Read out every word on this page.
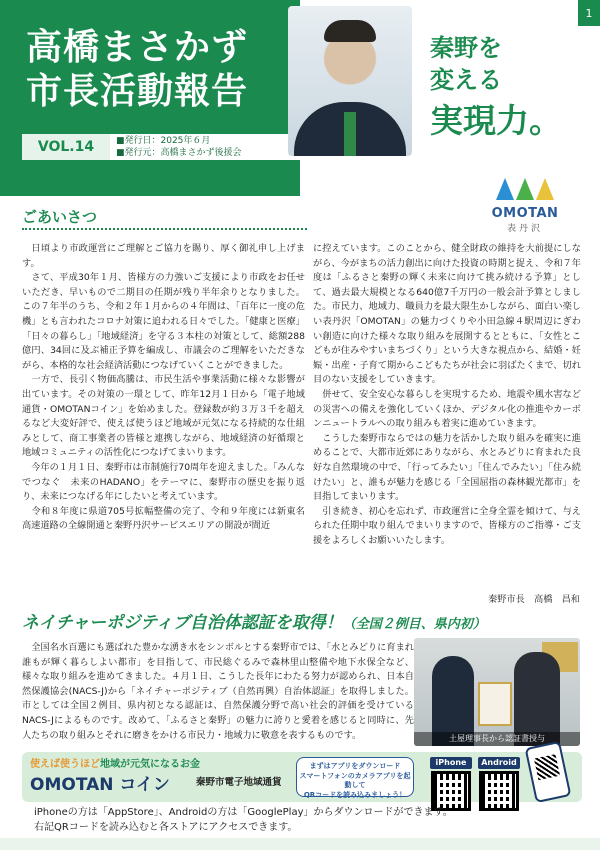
高橋まさかず
市長活動報告
VOL.14	■発行日：2025年６月
■発行元：高橋まさかず後援会
秦野を
変える
実現力。
1
OMOTAN
表丹沢
ごあいさつ
　日頃より市政運営にご理解とご協力を賜り、厚く御礼申し上げます。
　さて、平成30年１月、皆様方の力強いご支援により市政をお任せいただき、早いもので二期目の任期が残り半年余りとなりました。この７年半のうち、令和２年１月からの４年間は、「百年に一度の危機」とも言われたコロナ対策に追われる日々でした。「健康と医療」「日々の暮らし」「地域経済」を守る３本柱の対策として、総額288億円、34回に及ぶ補正予算を編成し、市議会のご理解をいただきながら、本格的な社会経済活動につなげていくことができました。
　一方で、長引く物価高騰は、市民生活や事業活動に様々な影響が出ています。その対策の一環として、昨年12月１日から「電子地域通貨・OMOTANコイン」を始めました。登録数が約３万３千を超えるなど大変好評で、使えば使うほど地域が元気になる持続的な仕組みとして、商工事業者の皆様と連携しながら、地域経済の好循環と地域コミュニティの活性化につなげてまいります。
　今年の１月１日、秦野市は市制施行70周年を迎えました。「みんなでつなぐ　未来のHADANO」をテーマに、秦野市の歴史を振り返り、未来につなげる年にしたいと考えています。
　令和８年度に県道705号拡幅整備の完了、令和９年度には新東名高速道路の全線開通と秦野丹沢サービスエリアの開設が間近
に控えています。このことから、健全財政の維持を大前提にしながら、今がまちの活力創出に向けた投資の時期と捉え、令和７年度は「ふるさと秦野の輝く未来に向けて挑み続ける予算」として、過去最大規模となる640億7千万円の一般会計予算としました。市民力、地域力、職員力を最大限生かしながら、面白い楽しい表丹沢「OMOTAN」の魅力づくりや小田急線４駅周辺にぎわい創造に向けた様々な取り組みを展開するとともに、「女性とこどもが住みやすいまちづくり」という大きな視点から、結婚・妊娠・出産・子育て期からこどもたちが社会に羽ばたくまで、切れ目のない支援をしていきます。
　併せて、安全安心な暮らしを実現するため、地震や風水害などの災害への備えを強化していくほか、デジタル化の推進やカーボンニュートラルへの取り組みも着実に進めていきます。
　こうした秦野市ならではの魅力を活かした取り組みを確実に進めることで、大都市近郊にありながら、水とみどりに育まれた良好な自然環境の中で、「行ってみたい」「住んでみたい」「住み続けたい」と、誰もが魅力を感じる「全国屈指の森林観光都市」を目指してまいります。
　引き続き、初心を忘れず、市政運営に全身全霊を傾けて、与えられた任期中取り組んでまいりますので、皆様方のご指導・ご支援をよろしくお願いいたします。
秦野市長　高橋　昌和
ネイチャーポジティブ自治体認証を取得！（全国２例目、県内初）
　全国名水百選にも選ばれた豊かな湧き水をシンボルとする秦野市では、「水とみどりに育まれ誰もが輝く暮らしよい都市」を目指して、市民総ぐるみで森林里山整備や地下水保全など、様々な取り組みを進めてきました。４月１日、こうした長年にわたる努力が認められ、日本自然保護協会(NACS-J)から「ネイチャーポジティブ（自然再興）自治体認証」を取得しました。市としては全国２例目、県内初となる認証は、自然保護分野で高い社会的評価を受けているNACS-Jによるものです。改めて、「ふるさと秦野」の魅力に誇りと愛着を感じると同時に、先人たちの取り組みとそれに磨きをかける市民力・地域力に敬意を表するものです。	土屋理事長から認証書授与
使えば使うほど地域が元気になるお金
OMOTAN コイン	秦野市電子地域通貨
まずはアプリをダウンロード
スマートフォンのカメラアプリを起動して
QRコードを読み込みましょう！
iPhone	Android
iPhoneの方は「AppStore」、Androidの方は「GooglePlay」からダウンロードができます。
右記QRコードを読み込むと各ストアにアクセスできます。
